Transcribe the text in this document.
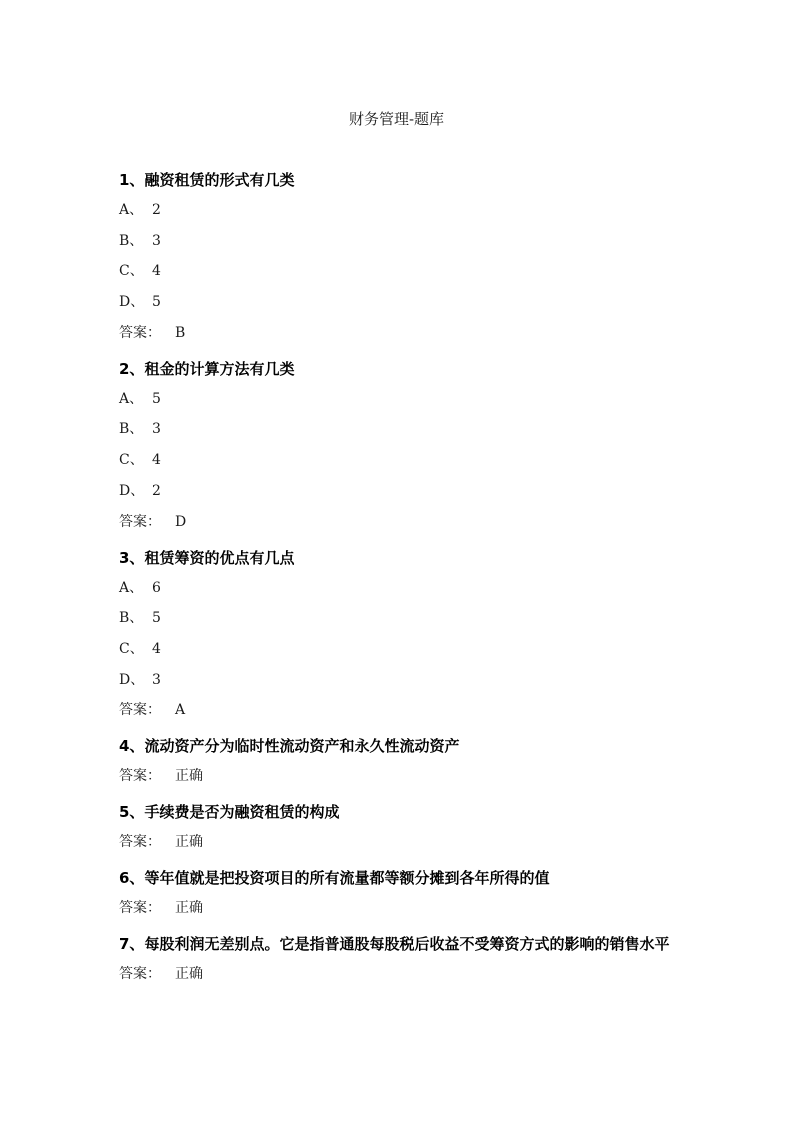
财务管理-题库
1、融资租赁的形式有几类
A、 2
B、 3
C、 4
D、 5
答案：	B
2、租金的计算方法有几类
A、 5
B、 3
C、 4
D、 2
答案：	D
3、租赁筹资的优点有几点
A、 6
B、 5
C、 4
D、 3
答案：	A
4、流动资产分为临时性流动资产和永久性流动资产
答案：	正确
5、手续费是否为融资租赁的构成
答案：	正确
6、等年值就是把投资项目的所有流量都等额分摊到各年所得的值
答案：	正确
7、每股利润无差别点。它是指普通股每股税后收益不受筹资方式的影响的销售水平
答案：	正确
